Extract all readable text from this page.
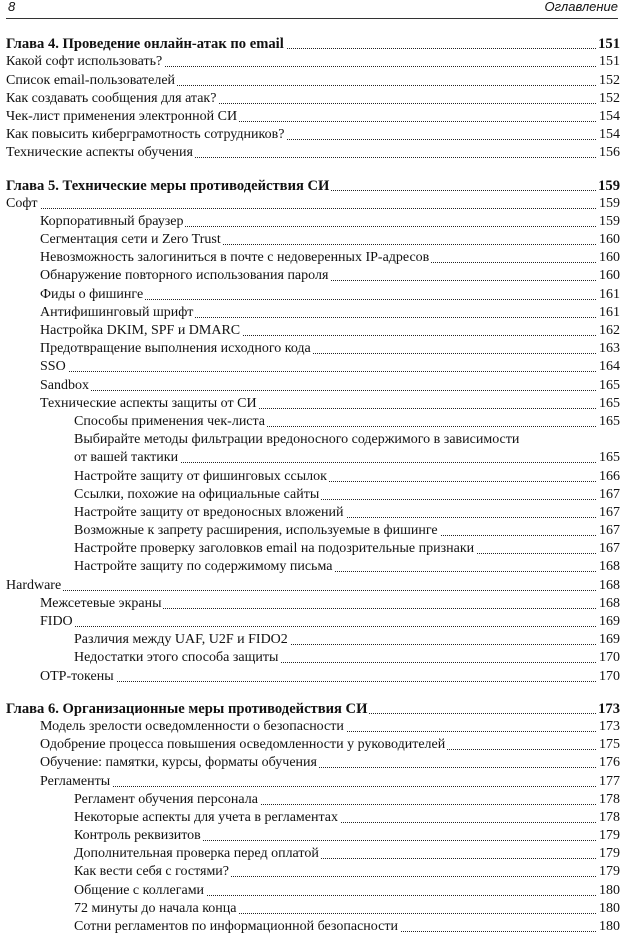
8	Оглавление
Глава 4. Проведение онлайн-атак по email	151
Какой софт использовать?	151
Список email-пользователей	152
Как создавать сообщения для атак?	152
Чек-лист применения электронной СИ	154
Как повысить киберграмотность сотрудников?	154
Технические аспекты обучения	156
Глава 5. Технические меры противодействия СИ	159
Софт	159
Корпоративный браузер	159
Сегментация сети и Zero Trust	160
Невозможность залогиниться в почте с недоверенных IP-адресов	160
Обнаружение повторного использования пароля	160
Фиды о фишинге	161
Антифишинговый шрифт	161
Настройка DKIM, SPF и DMARC	162
Предотвращение выполнения исходного кода	163
SSO	164
Sandbox	165
Технические аспекты защиты от СИ	165
Способы применения чек-листа	165
Выбирайте методы фильтрации вредоносного содержимого в зависимости
от вашей тактики	165
Настройте защиту от фишинговых ссылок	166
Ссылки, похожие на официальные сайты	167
Настройте защиту от вредоносных вложений	167
Возможные к запрету расширения, используемые в фишинге	167
Настройте проверку заголовков email на подозрительные признаки	167
Настройте защиту по содержимому письма	168
Hardware	168
Межсетевые экраны	168
FIDO	169
Различия между UAF, U2F и FIDO2	169
Недостатки этого способа защиты	170
OTP-токены	170
Глава 6. Организационные меры противодействия СИ	173
Модель зрелости осведомленности о безопасности	173
Одобрение процесса повышения осведомленности у руководителей	175
Обучение: памятки, курсы, форматы обучения	176
Регламенты	177
Регламент обучения персонала	178
Некоторые аспекты для учета в регламентах	178
Контроль реквизитов	179
Дополнительная проверка перед оплатой	179
Как вести себя с гостями?	179
Общение с коллегами	180
72 минуты до начала конца	180
Сотни регламентов по информационной безопасности	180
